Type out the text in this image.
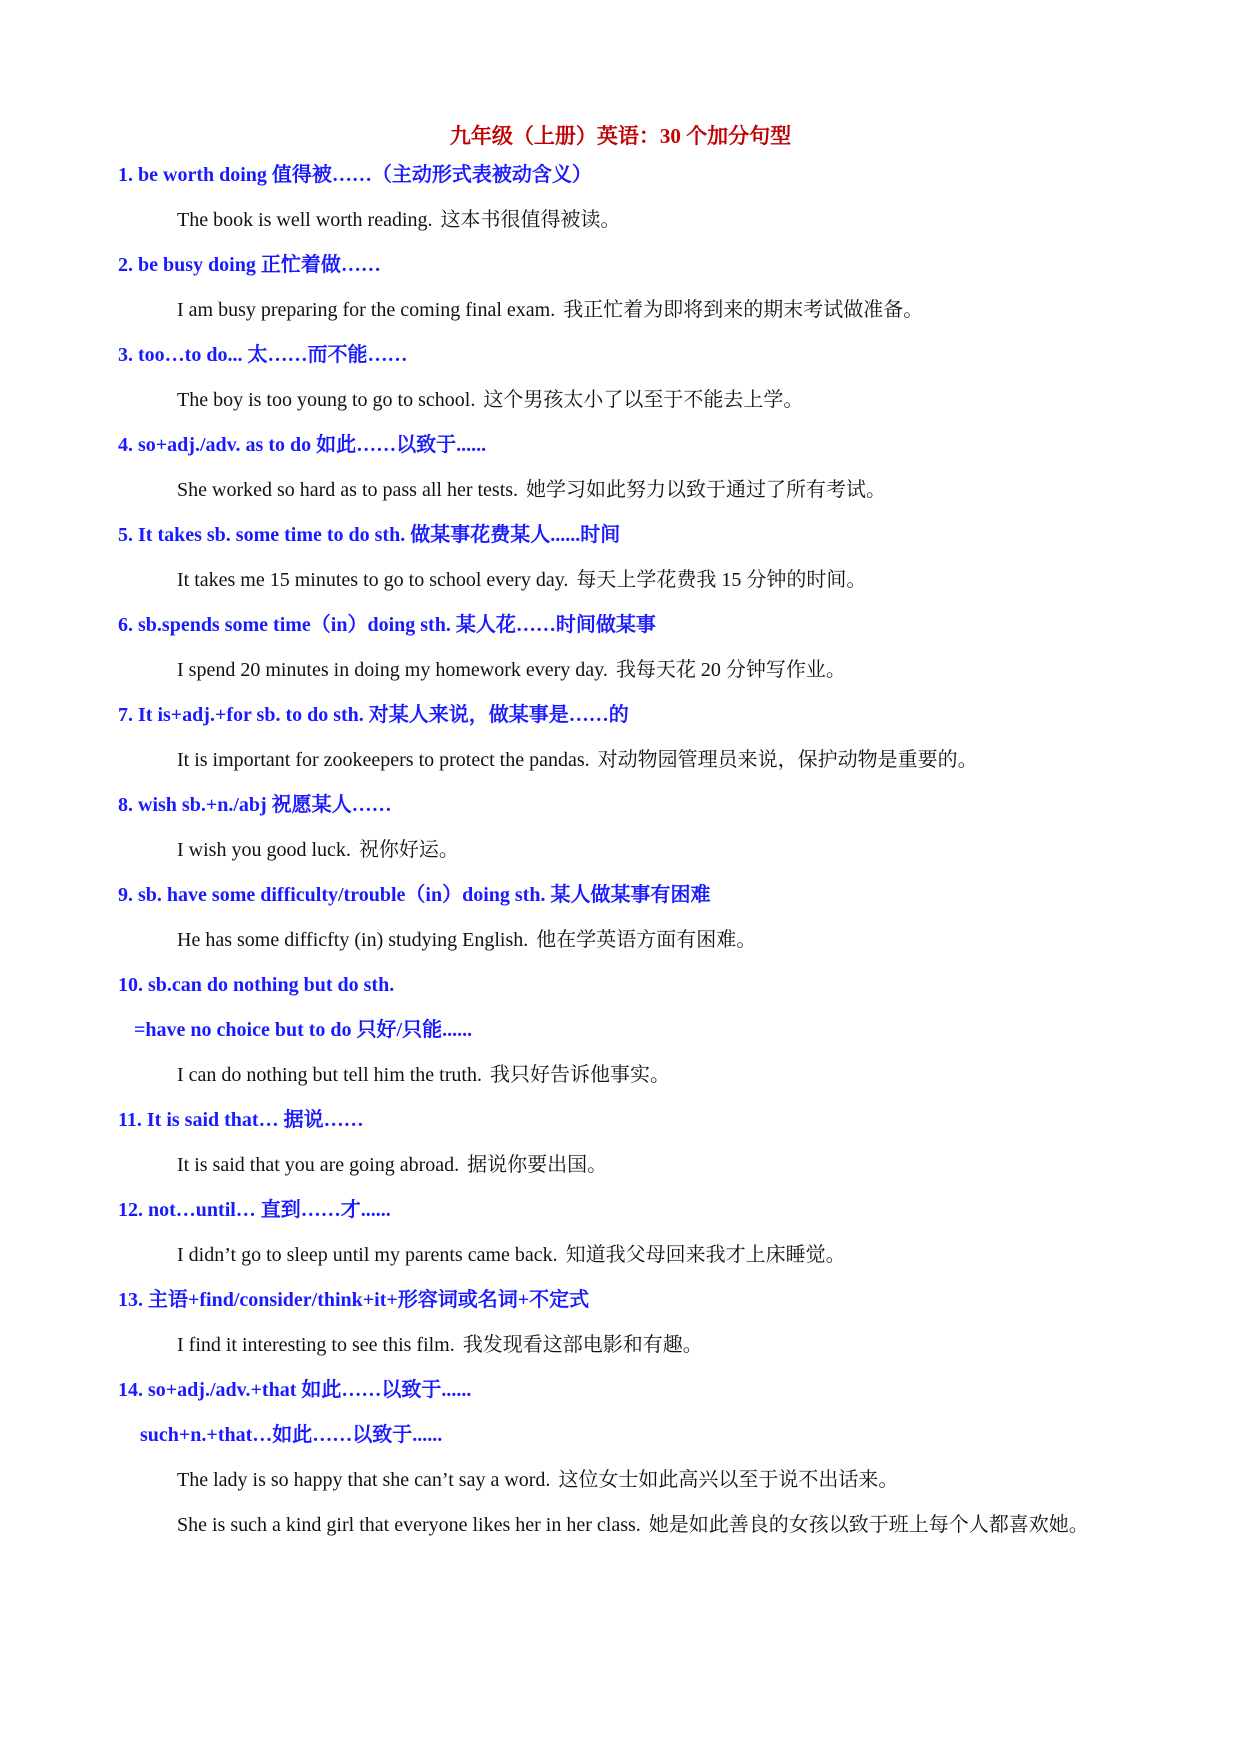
九年级（上册）英语：30 个加分句型
1. be worth doing 值得被……（主动形式表被动含义）
The book is well worth reading. 这本书很值得被读。
2. be busy doing 正忙着做……
I am busy preparing for the coming final exam. 我正忙着为即将到来的期末考试做准备。
3. too…to do... 太……而不能……
The boy is too young to go to school. 这个男孩太小了以至于不能去上学。
4. so+adj./adv. as to do 如此……以致于......
She worked so hard as to pass all her tests. 她学习如此努力以致于通过了所有考试。
5. It takes sb. some time to do sth. 做某事花费某人......时间
It takes me 15 minutes to go to school every day. 每天上学花费我 15 分钟的时间。
6. sb.spends some time（in）doing sth. 某人花……时间做某事
I spend 20 minutes in doing my homework every day. 我每天花 20 分钟写作业。
7. It is+adj.+for sb. to do sth. 对某人来说，做某事是……的
It is important for zookeepers to protect the pandas. 对动物园管理员来说，保护动物是重要的。
8. wish sb.+n./abj 祝愿某人……
I wish you good luck. 祝你好运。
9. sb. have some difficulty/trouble（in）doing sth. 某人做某事有困难
He has some difficfty (in) studying English. 他在学英语方面有困难。
10. sb.can do nothing but do sth.
=have no choice but to do 只好/只能......
I can do nothing but tell him the truth. 我只好告诉他事实。
11. It is said that… 据说……
It is said that you are going abroad. 据说你要出国。
12. not…until… 直到……才......
I didn’t go to sleep until my parents came back. 知道我父母回来我才上床睡觉。
13. 主语+find/consider/think+it+形容词或名词+不定式
I find it interesting to see this film. 我发现看这部电影和有趣。
14. so+adj./adv.+that 如此……以致于......
such+n.+that…如此……以致于......
The lady is so happy that she can’t say a word. 这位女士如此高兴以至于说不出话来。
She is such a kind girl that everyone likes her in her class. 她是如此善良的女孩以致于班上每个人都喜欢她。
